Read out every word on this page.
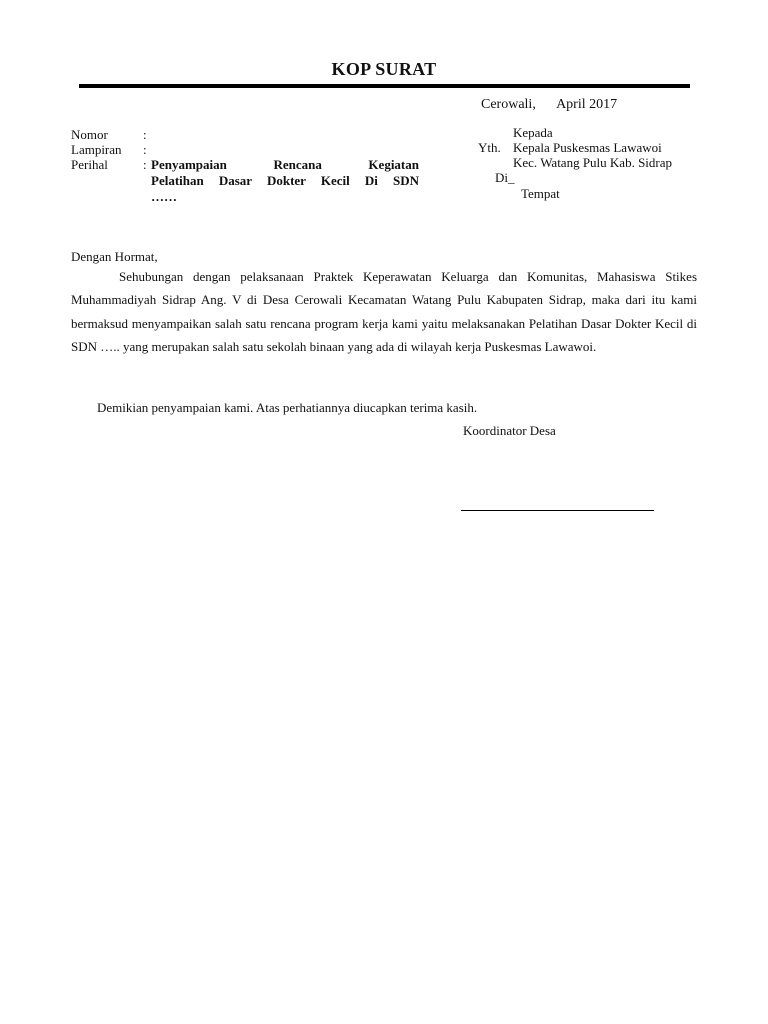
KOP SURAT
Cerowali, April 2017
Nomor	:
Lampiran :
Perihal	: Penyampaian Rencana Kegiatan
Pelatihan Dasar Dokter Kecil Di SDN
……
Kepada
Yth. Kepala Puskesmas Lawawoi
Kec. Watang Pulu Kab. Sidrap
Di_
Tempat
Dengan Hormat,
Sehubungan dengan pelaksanaan Praktek Keperawatan Keluarga dan Komunitas, Mahasiswa Stikes Muhammadiyah Sidrap Ang. V di Desa Cerowali Kecamatan Watang Pulu Kabupaten Sidrap, maka dari itu kami bermaksud menyampaikan salah satu rencana program kerja kami yaitu melaksanakan Pelatihan Dasar Dokter Kecil di SDN ….. yang merupakan salah satu sekolah binaan yang ada di wilayah kerja Puskesmas Lawawoi.
Demikian penyampaian kami. Atas perhatiannya diucapkan terima kasih.
Koordinator Desa
